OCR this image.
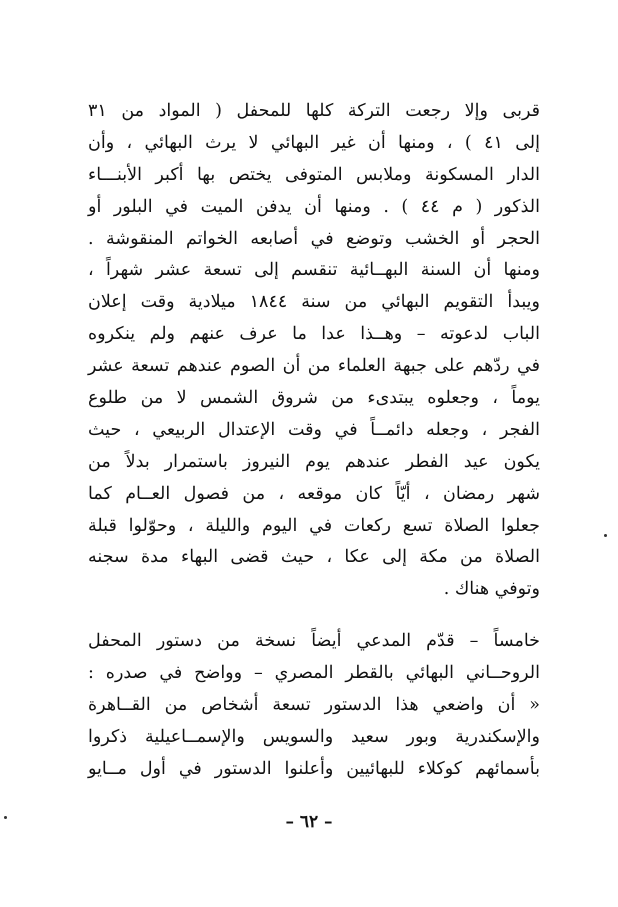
قربى وإلا رجعت التركة كلها للمحفل ( المواد من ٣١
إلى ٤١ ) ، ومنها أن غير البهائي لا يرث البهائي ، وأن
الدار المسكونة وملابس المتوفى يختص بها أكبر الأبنـــاء
الذكور ( م ٤٤ ) . ومنها أن يدفن الميت في البلور أو
الحجر أو الخشب وتوضع في أصابعه الخواتم المنقوشة .
ومنها أن السنة البهــائية تنقسم إلى تسعة عشر شهراً ،
ويبدأ التقويم البهائي من سنة ١٨٤٤ ميلادية وقت إعلان
الباب لدعوته – وهــذا عدا ما عرف عنهم ولم ينكروه
في ردّهم على جبهة العلماء من أن الصوم عندهم تسعة عشر
يوماً ، وجعلوه يبتدىء من شروق الشمس لا من طلوع
الفجر ، وجعله دائمــاً في وقت الإعتدال الربيعي ، حيث
يكون عيد الفطر عندهم يوم النيروز باستمرار بدلاً من
شهر رمضان ، أيّاً كان موقعه ، من فصول العــام كما
جعلوا الصلاة تسع ركعات في اليوم والليلة ، وحوّلوا قبلة
الصلاة من مكة إلى عكا ، حيث قضى البهاء مدة سجنه
وتوفي هناك .
خامساً – قدّم المدعي أيضاً نسخة من دستور المحفل
الروحــاني البهائي بالقطر المصري – وواضح في صدره :
« أن واضعي هذا الدستور تسعة أشخاص من القــاهرة
والإسكندرية وبور سعيد والسويس والإسمــاعيلية ذكروا
بأسمائهم كوكلاء للبهائيين وأعلنوا الدستور في أول مــايو
– ٦٢ –
